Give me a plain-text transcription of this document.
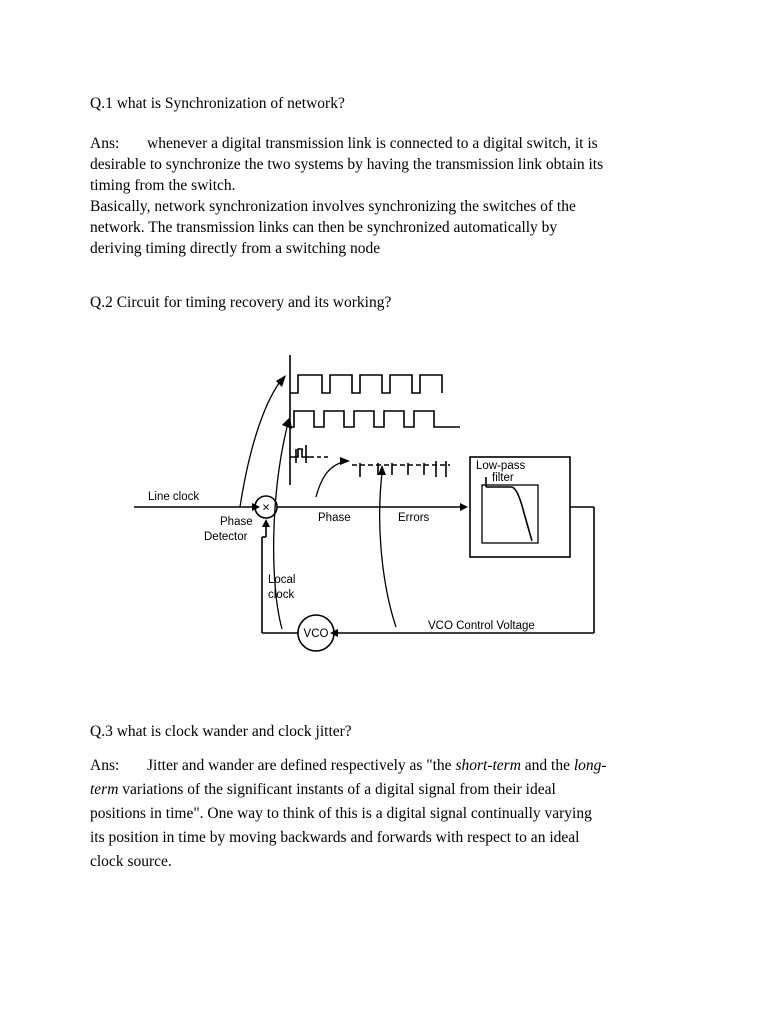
Q.1 what is Synchronization of network?

Ans: whenever a digital transmission link is connected to a digital switch, it is
desirable to synchronize the two systems by having the transmission link obtain its
timing from the switch.
Basically, network synchronization involves synchronizing the switches of the
network. The transmission links can then be synchronized automatically by
deriving timing directly from a switching node

Q.2 Circuit for timing recovery and its working?

×
Line clock
Phase
Detector
Phase	Errors
Low-pass
filter
Local
clock
VCO
VCO Control Voltage

Q.3 what is clock wander and clock jitter?

Ans: Jitter and wander are defined respectively as "the short-term and the long-
term variations of the significant instants of a digital signal from their ideal
positions in time". One way to think of this is a digital signal continually varying
its position in time by moving backwards and forwards with respect to an ideal
clock source.
